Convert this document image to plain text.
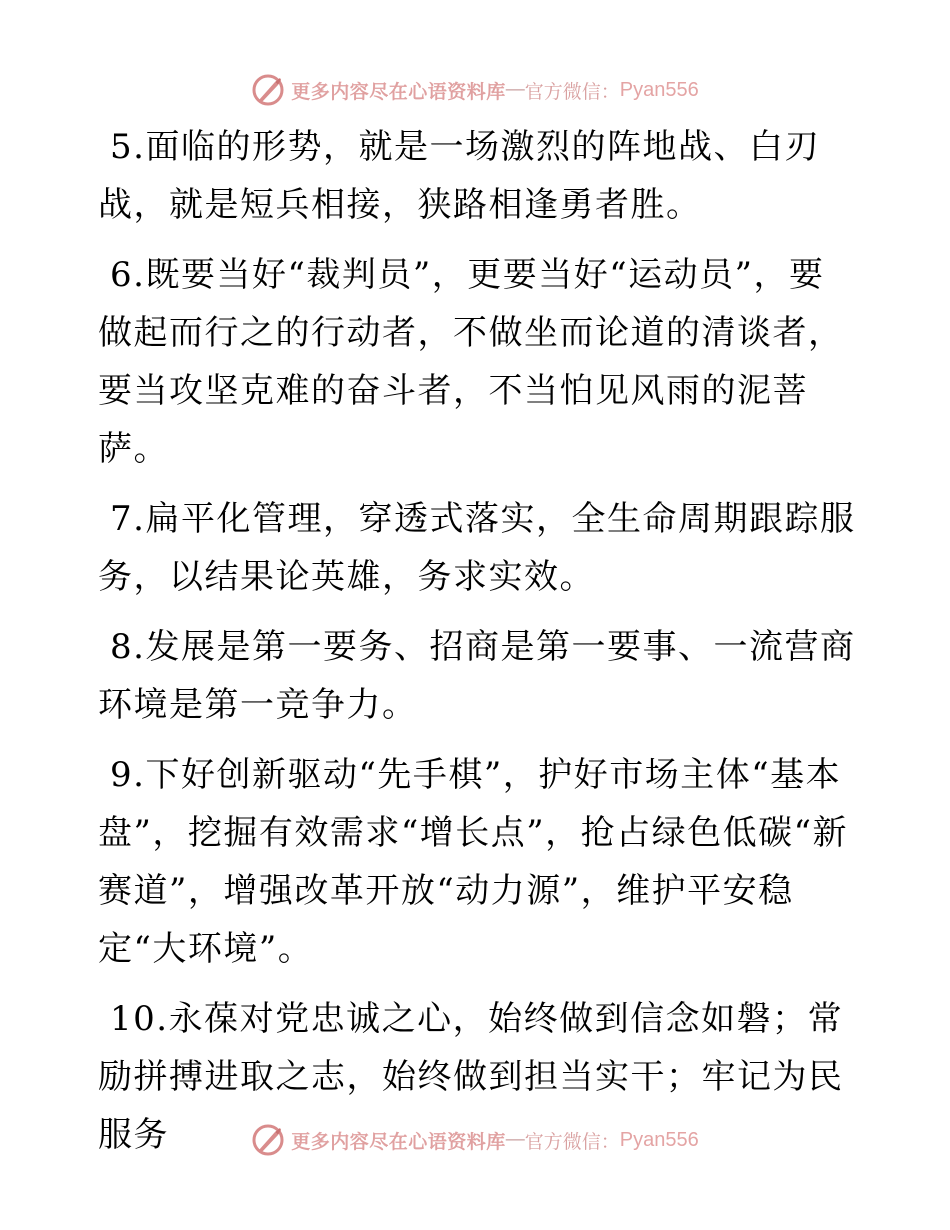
更多内容尽在心语资料库 — 官方微信： Pyan556

5.面临的形势，就是一场激烈的阵地战、白刃战，就是短兵相接，狭路相逢勇者胜。

6.既要当好“裁判员”，更要当好“运动员”，要做起而行之的行动者，不做坐而论道的清谈者，要当攻坚克难的奋斗者，不当怕见风雨的泥菩萨。

7.扁平化管理，穿透式落实，全生命周期跟踪服务，以结果论英雄，务求实效。

8.发展是第一要务、招商是第一要事、一流营商环境是第一竞争力。

9.下好创新驱动“先手棋”，护好市场主体“基本盘”，挖掘有效需求“增长点”，抢占绿色低碳“新赛道”，增强改革开放“动力源”，维护平安稳定“大环境”。

10.永葆对党忠诚之心，始终做到信念如磐；常励拼搏进取之志，始终做到担当实干；牢记为民服务	更多内容尽在心语资料库 — 官方微信： Pyan556
